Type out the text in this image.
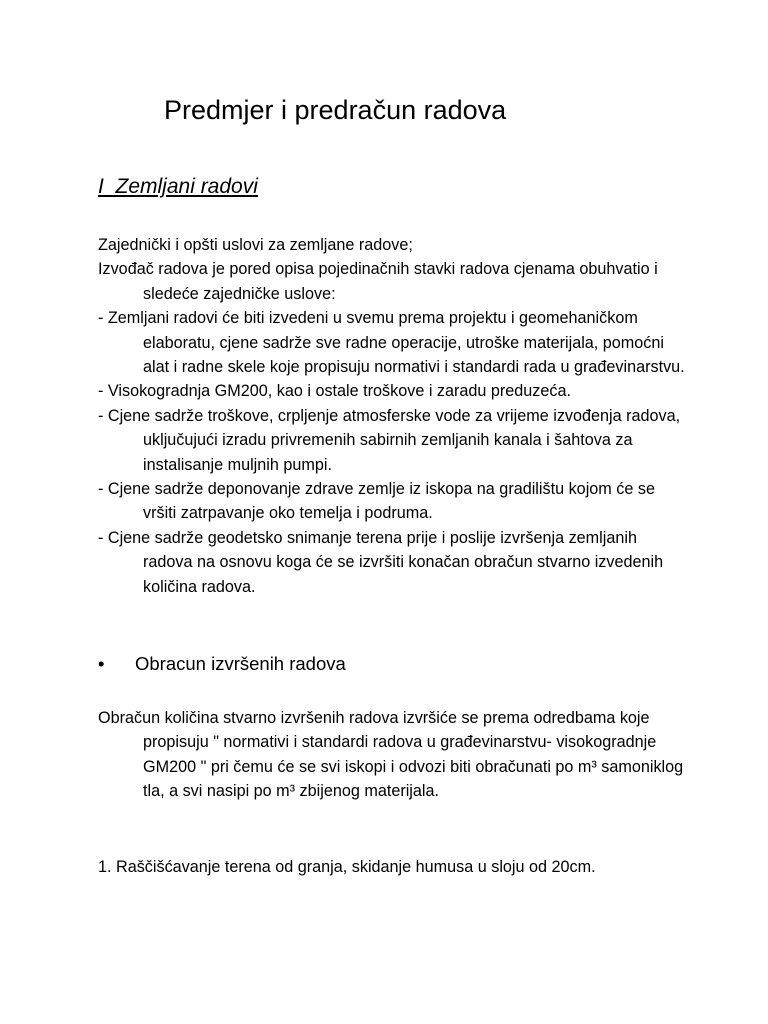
Predmjer i predračun radova
I  Zemljani radovi

Zajednički i opšti uslovi za zemljane radove;

Izvođač radova je pored opisa pojedinačnih stavki radova cjenama obuhvatio i sledeće zajedničke uslove:

- Zemljani radovi će biti izvedeni u svemu prema projektu i geomehaničkom elaboratu, cjene sadrže sve radne operacije, utroške materijala, pomoćni alat i radne skele koje propisuju normativi i standardi rada u građevinarstvu.

- Visokogradnja GM200, kao i ostale troškove i zaradu preduzeća.

- Cjene sadrže troškove, crpljenje atmosferske vode za vrijeme izvođenja radova, uključujući izradu privremenih sabirnih zemljanih kanala i šahtova za instalisanje muljnih pumpi.

- Cjene sadrže deponovanje zdrave zemlje iz iskopa na gradilištu kojom će se vršiti zatrpavanje oko temelja i podruma.

- Cjene sadrže geodetsko snimanje terena prije i poslije izvršenja zemljanih radova na osnovu koga će se izvršiti konačan obračun stvarno izvedenih količina radova.

• Obracun izvršenih radova

Obračun količina stvarno izvršenih radova izvršiće se prema odredbama koje propisuju " normativi i standardi radova u građevinarstvu- visokogradnje GM200 " pri čemu će se svi iskopi i odvozi biti obračunati po m³ samoniklog tla, a svi nasipi po m³ zbijenog materijala.

1. Raščišćavanje terena od granja, skidanje humusa u sloju od 20cm.
